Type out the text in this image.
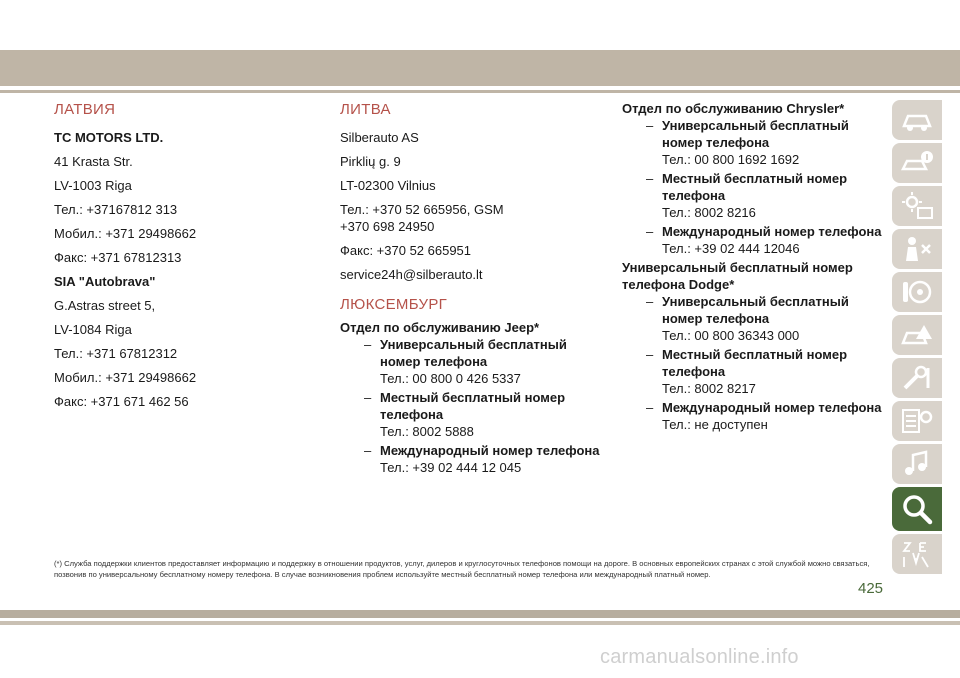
ЛАТВИЯ
TC MOTORS LTD.
41 Krasta Str.
LV-1003 Riga
Тел.: +37167812 313
Мобил.: +371 29498662
Факс: +371 67812313
SIA "Autobrava"
G.Astras street 5,
LV-1084 Riga
Тел.: +371 67812312
Мобил.: +371 29498662
Факс: +371 671 462 56
ЛИТВА
Silberauto AS
Pirklių g. 9
LT-02300 Vilnius
Тел.: +370 52 665956, GSM
+370 698 24950
Факс: +370 52 665951
service24h@silberauto.lt
ЛЮКСЕМБУРГ
Отдел по обслуживанию Jeep*
– Универсальный бесплатный номер телефона
Тел.: 00 800 0 426 5337
– Местный бесплатный номер телефона
Тел.: 8002 5888
– Международный номер телефона
Тел.: +39 02 444 12 045
Отдел по обслуживанию Chrysler*
– Универсальный бесплатный номер телефона
Тел.: 00 800 1692 1692
– Местный бесплатный номер телефона
Тел.: 8002 8216
– Международный номер телефона
Тел.: +39 02 444 12046
Универсальный бесплатный номер телефона Dodge*
– Универсальный бесплатный номер телефона
Тел.: 00 800 36343 000
– Местный бесплатный номер телефона
Тел.: 8002 8217
– Международный номер телефона
Тел.: не доступен
(*) Служба поддержки клиентов предоставляет информацию и поддержку в отношении продуктов, услуг, дилеров и круглосуточных телефонов помощи на дороге. В основных европейских странах с этой службой можно связаться, позвонив по универсальному бесплатному номеру телефона. В случае возникновения проблем используйте местный бесплатный номер телефона или международный платный номер.
425
carmanualsonline.info
